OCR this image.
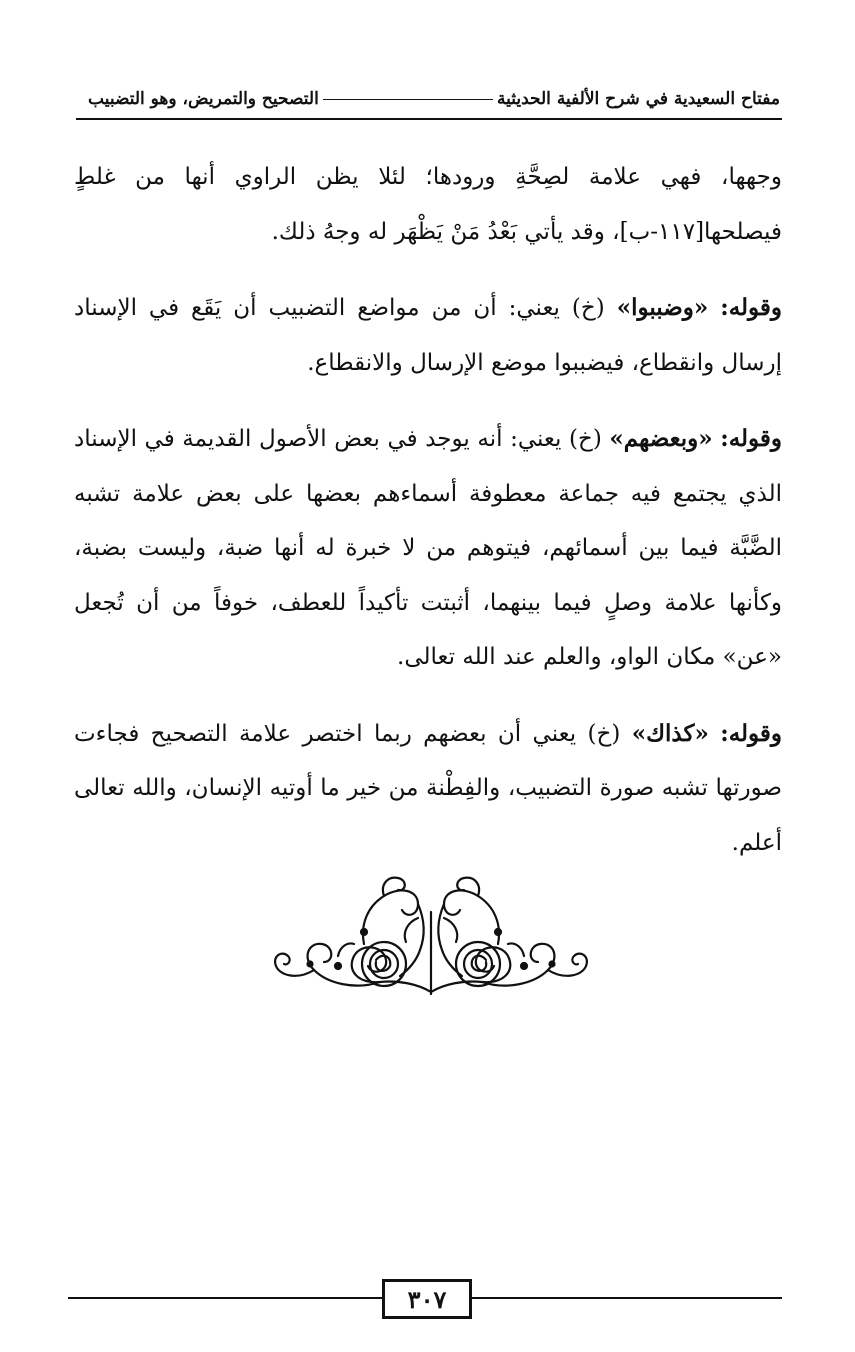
مفتاح السعيدية في شرح الألفية الحديثية
التصحيح والتمريض، وهو التضبيب

وجهها، فهي علامة لصِحَّةِ ورودها؛ لئلا يظن الراوي أنها من غلطٍ فيصلحها[١١٧-ب]، وقد يأتي بَعْدُ مَنْ يَظْهَر له وجهُ ذلك.

وقوله: «وضببوا» (خ) يعني: أن من مواضع التضبيب أن يَقَع في الإسناد إرسال وانقطاع، فيضببوا موضع الإرسال والانقطاع.

وقوله: «وبعضهم» (خ) يعني: أنه يوجد في بعض الأصول القديمة في الإسناد الذي يجتمع فيه جماعة معطوفة أسماءهم بعضها على بعض علامة تشبه الضَّبَّة فيما بين أسمائهم، فيتوهم من لا خبرة له أنها ضبة، وليست بضبة، وكأنها علامة وصلٍ فيما بينهما، أثبتت تأكيداً للعطف، خوفاً من أن تُجعل «عن» مكان الواو، والعلم عند الله تعالى.

وقوله: «كذاك» (خ) يعني أن بعضهم ربما اختصر علامة التصحيح فجاءت صورتها تشبه صورة التضبيب، والفِطْنة من خير ما أوتيه الإنسان، والله تعالى أعلم.

٣٠٧
